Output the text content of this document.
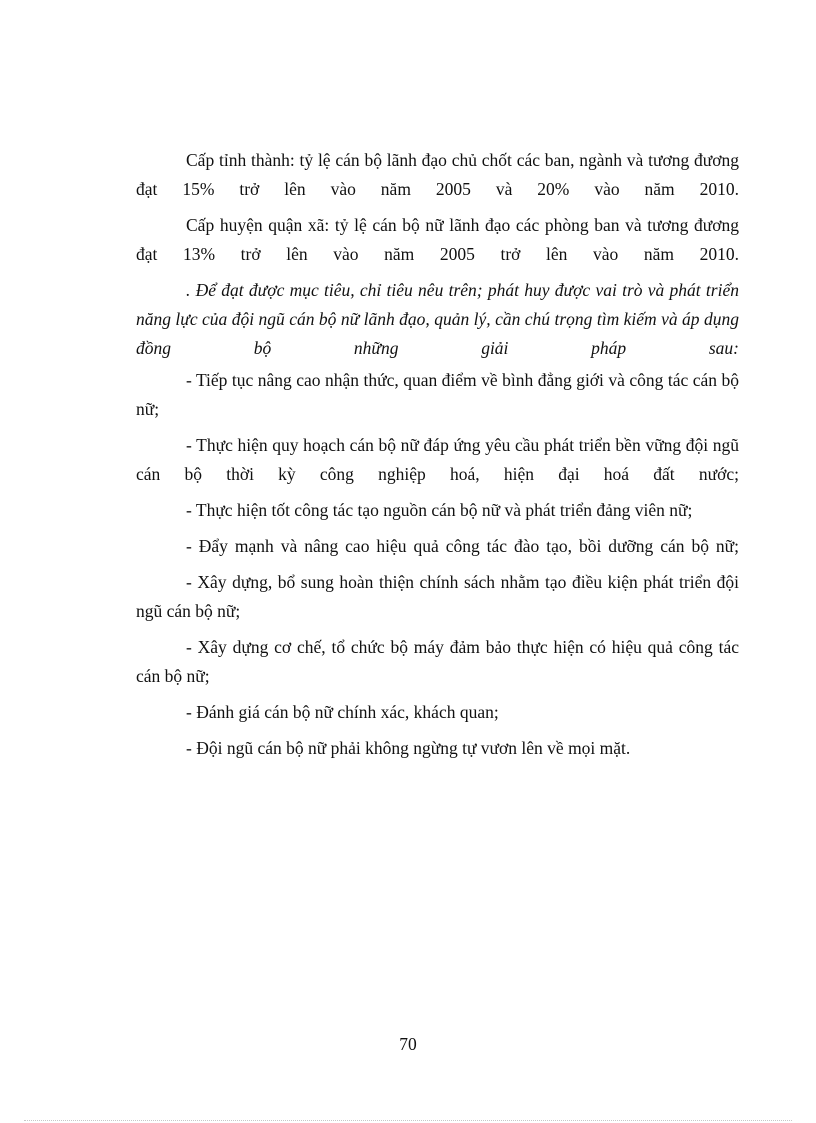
Cấp tỉnh thành: tỷ lệ cán bộ lãnh đạo chủ chốt các ban, ngành và tương đương đạt 15% trở lên vào năm 2005 và 20% vào năm 2010.

Cấp huyện quận xã: tỷ lệ cán bộ nữ lãnh đạo các phòng ban và tương đương đạt 13% trở lên vào năm 2005 trở lên vào năm 2010.

. Để đạt được mục tiêu, chỉ tiêu nêu trên; phát huy được vai trò và phát triển năng lực của đội ngũ cán bộ nữ lãnh đạo, quản lý, cần chú trọng tìm kiếm và áp dụng đồng bộ những giải pháp sau:

- Tiếp tục nâng cao nhận thức, quan điểm về bình đẳng giới và công tác cán bộ nữ;

- Thực hiện quy hoạch cán bộ nữ đáp ứng yêu cầu phát triển bền vững đội ngũ cán bộ thời kỳ công nghiệp hoá, hiện đại hoá đất nước;

- Thực hiện tốt công tác tạo nguồn cán bộ nữ và phát triển đảng viên nữ;

- Đẩy mạnh và nâng cao hiệu quả công tác đào tạo, bồi dưỡng cán bộ nữ;

- Xây dựng, bổ sung hoàn thiện chính sách nhằm tạo điều kiện phát triển đội ngũ cán bộ nữ;

- Xây dựng cơ chế, tổ chức bộ máy đảm bảo thực hiện có hiệu quả công tác cán bộ nữ;

- Đánh giá cán bộ nữ chính xác, khách quan;

- Đội ngũ cán bộ nữ phải không ngừng tự vươn lên về mọi mặt.

70
